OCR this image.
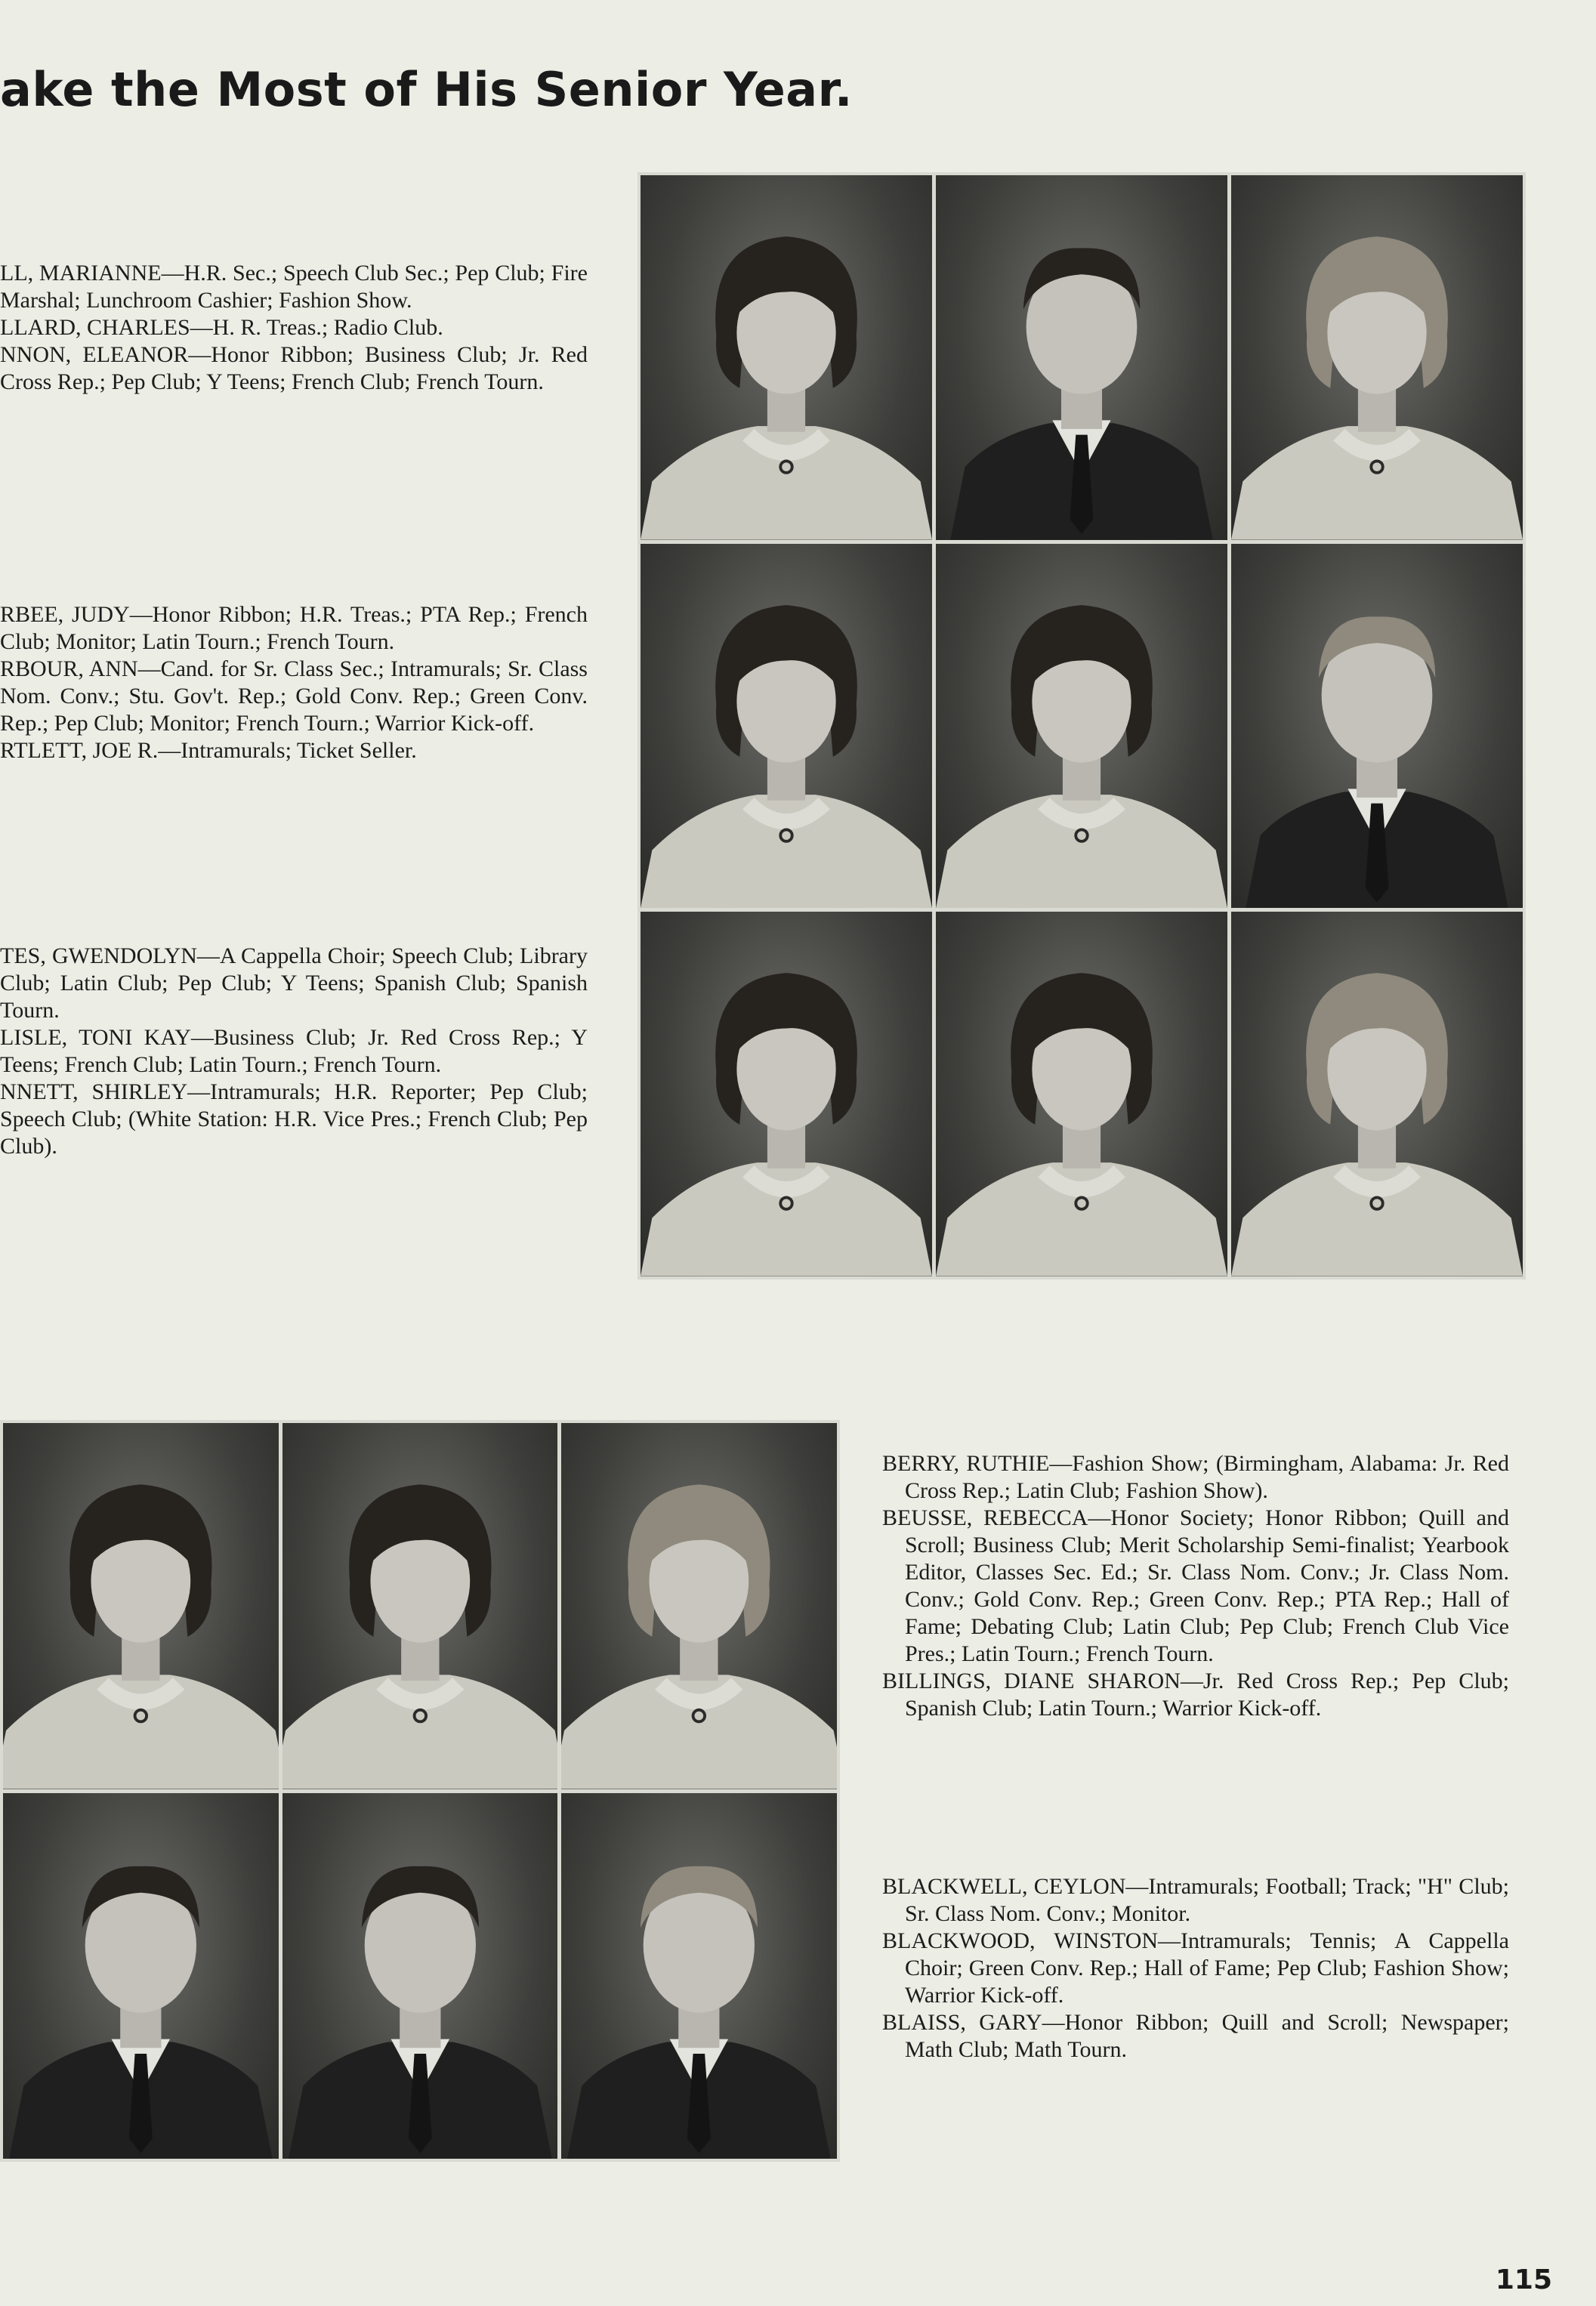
ake the Most of His Senior Year.

LL, MARIANNE—H.R. Sec.; Speech Club Sec.; Pep Club; Fire Marshal; Lunchroom Cashier; Fashion Show.

LLARD, CHARLES—H. R. Treas.; Radio Club.

NNON, ELEANOR—Honor Ribbon; Business Club; Jr. Red Cross Rep.; Pep Club; Y Teens; French Club; French Tourn.

RBEE, JUDY—Honor Ribbon; H.R. Treas.; PTA Rep.; French Club; Monitor; Latin Tourn.; French Tourn.

RBOUR, ANN—Cand. for Sr. Class Sec.; Intramurals; Sr. Class Nom. Conv.; Stu. Gov't. Rep.; Gold Conv. Rep.; Green Conv. Rep.; Pep Club; Monitor; French Tourn.; Warrior Kick-off.

RTLETT, JOE R.—Intramurals; Ticket Seller.

TES, GWENDOLYN—A Cappella Choir; Speech Club; Library Club; Latin Club; Pep Club; Y Teens; Spanish Club; Spanish Tourn.

LISLE, TONI KAY—Business Club; Jr. Red Cross Rep.; Y Teens; French Club; Latin Tourn.; French Tourn.

NNETT, SHIRLEY—Intramurals; H.R. Reporter; Pep Club; Speech Club; (White Station: H.R. Vice Pres.; French Club; Pep Club).

BERRY, RUTHIE—Fashion Show; (Birmingham, Alabama: Jr. Red Cross Rep.; Latin Club; Fashion Show).

BEUSSE, REBECCA—Honor Society; Honor Ribbon; Quill and Scroll; Business Club; Merit Scholarship Semi-finalist; Yearbook Editor, Classes Sec. Ed.; Sr. Class Nom. Conv.; Jr. Class Nom. Conv.; Gold Conv. Rep.; Green Conv. Rep.; PTA Rep.; Hall of Fame; Debating Club; Latin Club; Pep Club; French Club Vice Pres.; Latin Tourn.; French Tourn.

BILLINGS, DIANE SHARON—Jr. Red Cross Rep.; Pep Club; Spanish Club; Latin Tourn.; Warrior Kick-off.

BLACKWELL, CEYLON—Intramurals; Football; Track; "H" Club; Sr. Class Nom. Conv.; Monitor.

BLACKWOOD, WINSTON—Intramurals; Tennis; A Cappella Choir; Green Conv. Rep.; Hall of Fame; Pep Club; Fashion Show; Warrior Kick-off.

BLAISS, GARY—Honor Ribbon; Quill and Scroll; Newspaper; Math Club; Math Tourn.

115
